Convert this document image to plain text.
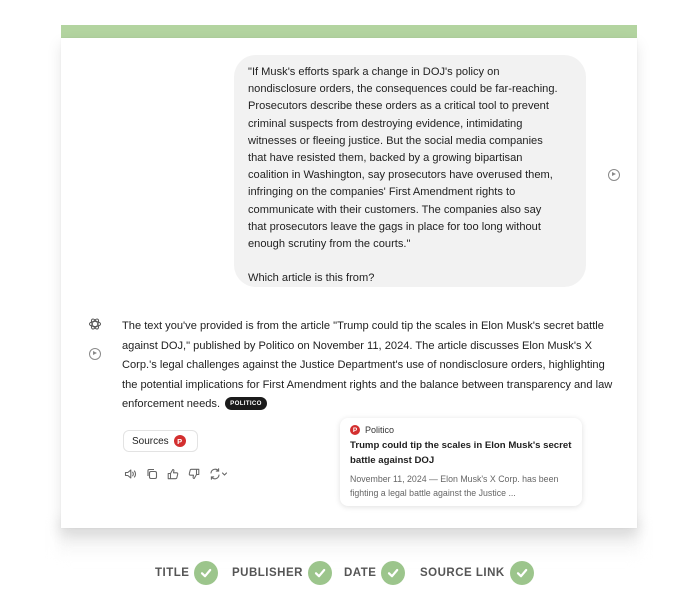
"If Musk's efforts spark a change in DOJ's policy on
nondisclosure orders, the consequences could be far-reaching.
Prosecutors describe these orders as a critical tool to prevent
criminal suspects from destroying evidence, intimidating
witnesses or fleeing justice. But the social media companies
that have resisted them, backed by a growing bipartisan
coalition in Washington, say prosecutors have overused them,
infringing on the companies' First Amendment rights to
communicate with their customers. The companies also say
that prosecutors leave the gags in place for too long without
enough scrutiny from the courts."

Which article is this from?

The text you've provided is from the article "Trump could tip the scales in Elon Musk's secret battle against DOJ," published by Politico on November 11, 2024. The article discusses Elon Musk's X Corp.'s legal challenges against the Justice Department's use of nondisclosure orders, highlighting the potential implications for First Amendment rights and the balance between transparency and law enforcement needs. POLITICO

Sources	P
P Politico
Trump could tip the scales in Elon Musk's secret battle against DOJ
November 11, 2024 — Elon Musk's X Corp. has been fighting a legal battle against the Justice ...
TITLE	PUBLISHER	DATE	SOURCE LINK
